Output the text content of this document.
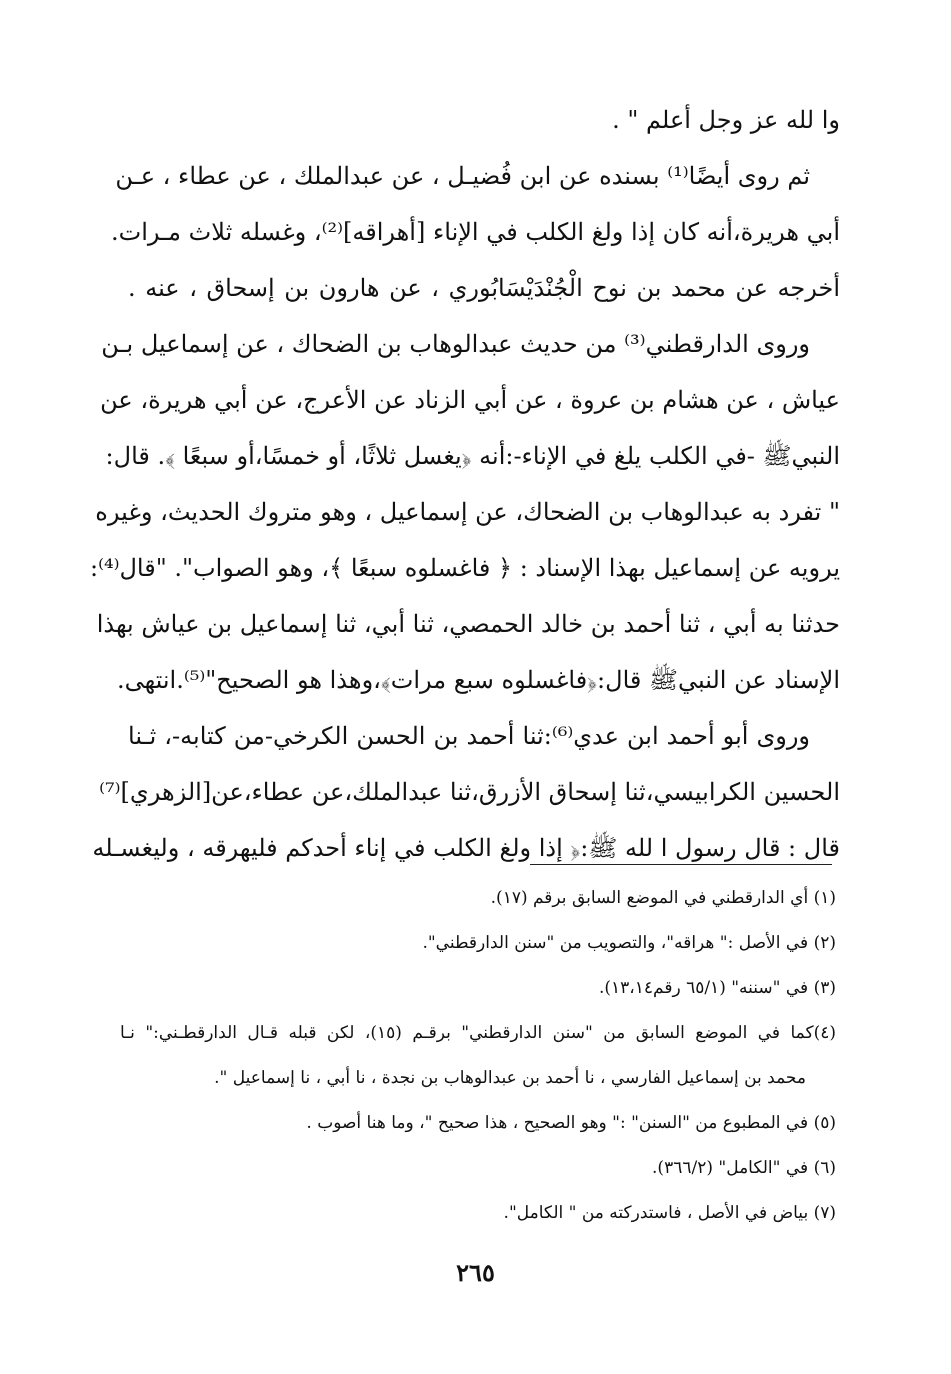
وا لله عز وجل أعلم " .
ثم روى أيضًا⁽¹⁾ بسنده عن ابن فُضيـل ، عن عبدالملك ، عن عطاء ، عـن
أبي هريرة،أنه كان إذا ولغ الكلب في الإناء [أهراقه]⁽²⁾، وغسله ثلاث مـرات.
أخرجه عن محمد بن نوح الْجُنْدَيْسَابُوري ، عن هارون بن إسحاق ، عنه .
وروى الدارقطني⁽³⁾ من حديث عبدالوهاب بن الضحاك ، عن إسماعيل بـن
عياش ، عن هشام بن عروة ، عن أبي الزناد عن الأعرج، عن أبي هريرة، عن
النبيﷺ -في الكلب يلغ في الإناء-:أنه ﴿يغسل ثلاثًا، أو خمسًا،أو سبعًا ﴾. قال:
" تفرد به عبدالوهاب بن الضحاك، عن إسماعيل ، وهو متروك الحديث، وغيره
يرويه عن إسماعيل بهذا الإسناد : ﴿ فاغسلوه سبعًا ﴾، وهو الصواب". "قال⁽⁴⁾:
حدثنا به أبي ، ثنا أحمد بن خالد الحمصي، ثنا أبي، ثنا إسماعيل بن عياش بهذا
الإسناد عن النبيﷺ قال:﴿فاغسلوه سبع مرات﴾،وهذا هو الصحيح"⁽⁵⁾.انتهى.
وروى أبو أحمد ابن عدي⁽⁶⁾:ثنا أحمد بن الحسن الكرخي-من كتابه-، ثـنا
الحسين الكرابيسي،ثنا إسحاق الأزرق،ثنا عبدالملك،عن عطاء،عن[الزهري]⁽⁷⁾
قال : قال رسول ا لله ﷺ:﴿ إذا ولغ الكلب في إناء أحدكم فليهرقه ، وليغسـله
(١) أي الدارقطني في الموضع السابق برقم (١٧).
(٢) في الأصل :" هراقه"، والتصويب من "سنن الدارقطني".
(٣) في "سننه" (٦٥/١ رقم١٣،١٤).
(٤)كما في الموضع السابق من "سنن الدارقطني" برقـم (١٥)، لكن قبله قـال الدارقطـني:" نـا
محمد بن إسماعيل الفارسي ، نا أحمد بن عبدالوهاب بن نجدة ، نا أبي ، نا إسماعيل ".
(٥) في المطبوع من "السنن" :" وهو الصحيح ، هذا صحيح "، وما هنا أصوب .
(٦) في "الكامل" (٣٦٦/٢).
(٧) بياض في الأصل ، فاستدركته من " الكامل".
٢٦٥
